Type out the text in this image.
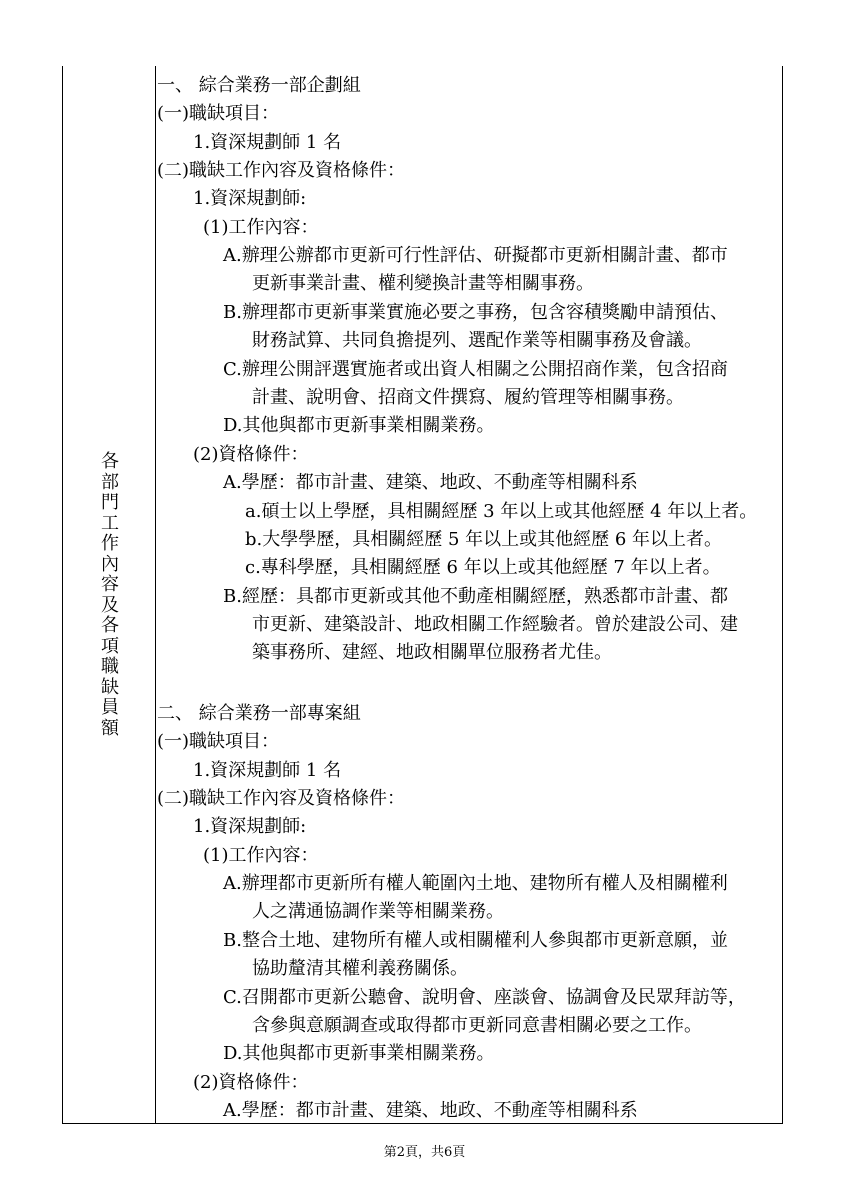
各部門工作內容及各項職缺員額
一、 綜合業務一部企劃組
(一)職缺項目：
1.資深規劃師 1 名
(二)職缺工作內容及資格條件：
1.資深規劃師:
(1)工作內容：
A.辦理公辦都市更新可行性評估、研擬都市更新相關計畫、都市
更新事業計畫、權利變換計畫等相關事務。
B.辦理都市更新事業實施必要之事務，包含容積獎勵申請預估、
財務試算、共同負擔提列、選配作業等相關事務及會議。
C.辦理公開評選實施者或出資人相關之公開招商作業，包含招商
計畫、說明會、招商文件撰寫、履約管理等相關事務。
D.其他與都市更新事業相關業務。
(2)資格條件：
A.學歷：都市計畫、建築、地政、不動產等相關科系
a.碩士以上學歷，具相關經歷 3 年以上或其他經歷 4 年以上者。
b.大學學歷，具相關經歷 5 年以上或其他經歷 6 年以上者。
c.專科學歷，具相關經歷 6 年以上或其他經歷 7 年以上者。
B.經歷：具都市更新或其他不動產相關經歷，熟悉都市計畫、都
市更新、建築設計、地政相關工作經驗者。曾於建設公司、建
築事務所、建經、地政相關單位服務者尤佳。
二、 綜合業務一部專案組
(一)職缺項目：
1.資深規劃師 1 名
(二)職缺工作內容及資格條件：
1.資深規劃師:
(1)工作內容：
A.辦理都市更新所有權人範圍內土地、建物所有權人及相關權利
人之溝通協調作業等相關業務。
B.整合土地、建物所有權人或相關權利人參與都市更新意願，並
協助釐清其權利義務關係。
C.召開都市更新公聽會、說明會、座談會、協調會及民眾拜訪等，
含參與意願調查或取得都市更新同意書相關必要之工作。
D.其他與都市更新事業相關業務。
(2)資格條件：
A.學歷：都市計畫、建築、地政、不動產等相關科系
第2頁，共6頁
